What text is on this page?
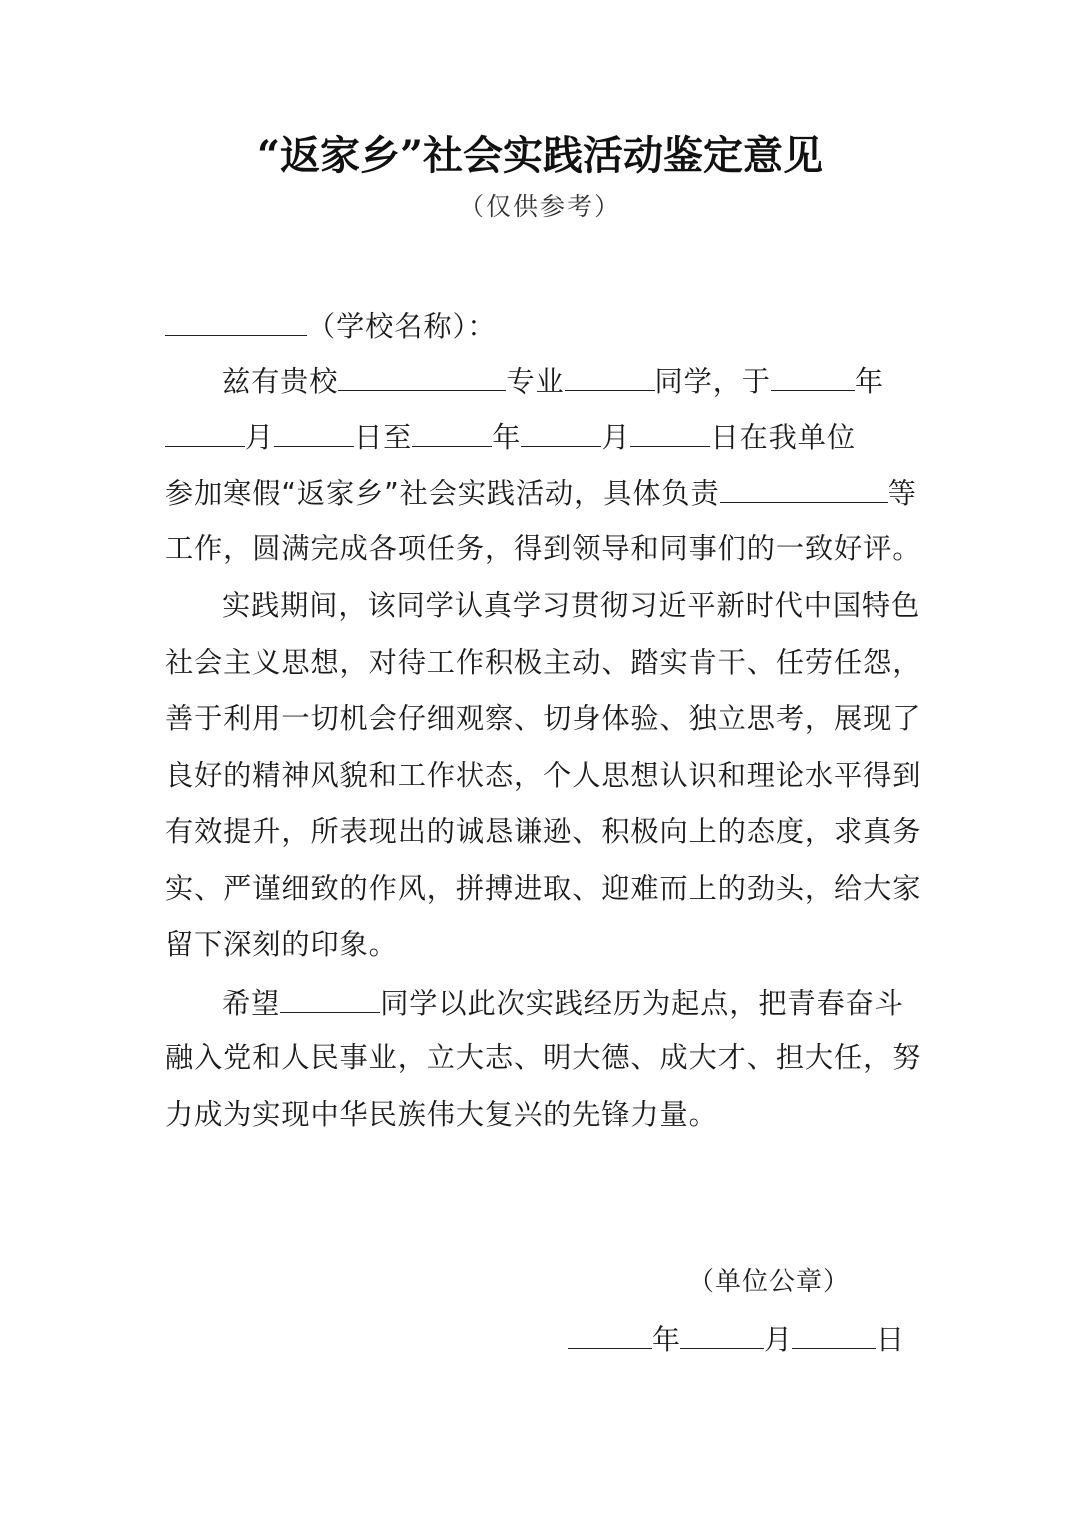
“返家乡”社会实践活动鉴定意见
（仅供参考）
（学校名称）：
兹有贵校	专业	同学，于	年
月	日至	年	月	日在我单位
参加寒假“返家乡”社会实践活动，具体负责	等
工作，圆满完成各项任务，得到领导和同事们的一致好评。
实践期间，该同学认真学习贯彻习近平新时代中国特色
社会主义思想，对待工作积极主动、踏实肯干、任劳任怨，
善于利用一切机会仔细观察、切身体验、独立思考，展现了
良好的精神风貌和工作状态，个人思想认识和理论水平得到
有效提升，所表现出的诚恳谦逊、积极向上的态度，求真务
实、严谨细致的作风，拼搏进取、迎难而上的劲头，给大家
留下深刻的印象。
希望	同学以此次实践经历为起点，把青春奋斗
融入党和人民事业，立大志、明大德、成大才、担大任，努
力成为实现中华民族伟大复兴的先锋力量。
（单位公章）
年	月	日
